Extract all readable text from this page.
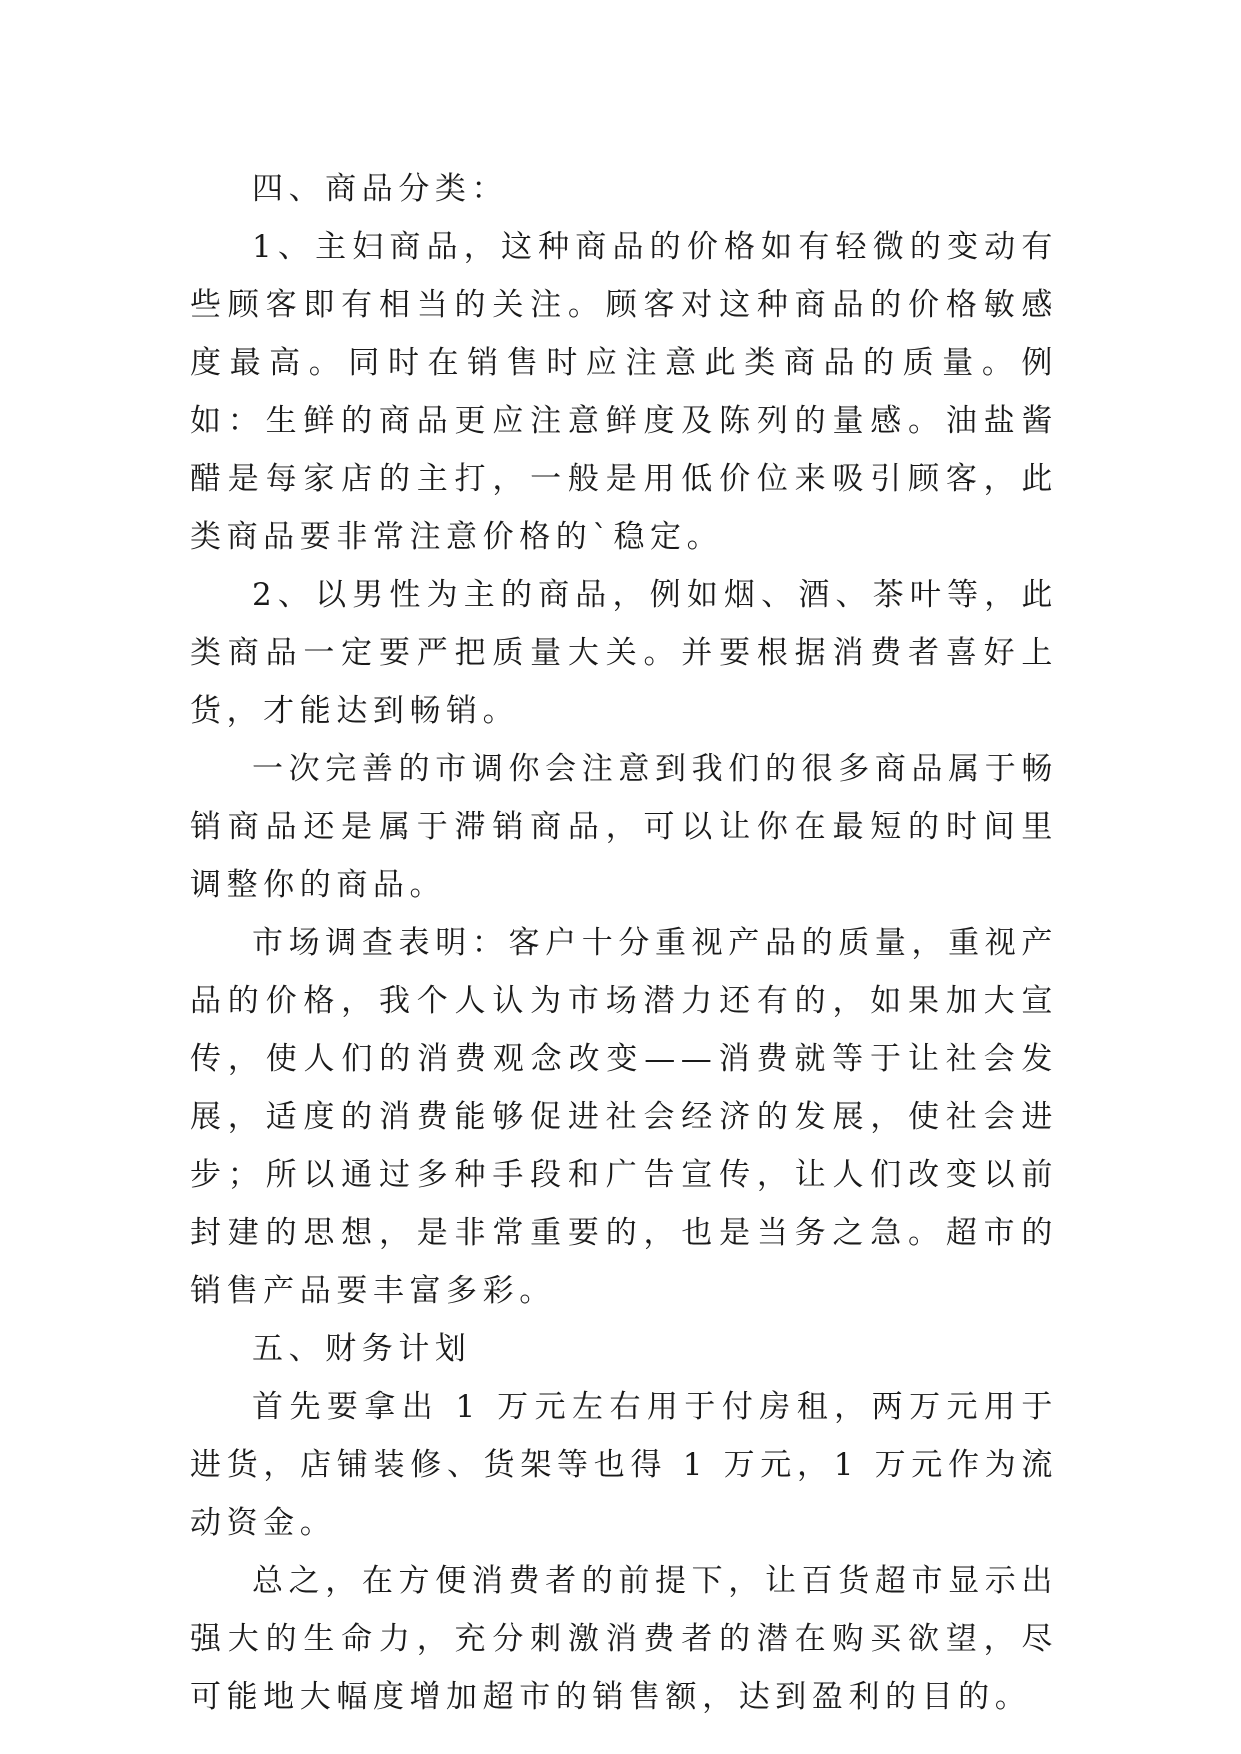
四、商品分类：

1、主妇商品，这种商品的价格如有轻微的变动有些顾客即有相当的关注。顾客对这种商品的价格敏感度最高。同时在销售时应注意此类商品的质量。例如：生鲜的商品更应注意鲜度及陈列的量感。油盐酱醋是每家店的主打，一般是用低价位来吸引顾客，此类商品要非常注意价格的`稳定。

2、以男性为主的商品，例如烟、酒、茶叶等，此类商品一定要严把质量大关。并要根据消费者喜好上货，才能达到畅销。

一次完善的市调你会注意到我们的很多商品属于畅销商品还是属于滞销商品，可以让你在最短的时间里调整你的商品。

市场调查表明：客户十分重视产品的质量，重视产品的价格，我个人认为市场潜力还有的，如果加大宣传，使人们的消费观念改变——消费就等于让社会发展，适度的消费能够促进社会经济的发展，使社会进步；所以通过多种手段和广告宣传，让人们改变以前封建的思想，是非常重要的，也是当务之急。超市的销售产品要丰富多彩。

五、财务计划

首先要拿出 1 万元左右用于付房租，两万元用于进货，店铺装修、货架等也得 1 万元，1 万元作为流动资金。

总之，在方便消费者的前提下，让百货超市显示出强大的生命力，充分刺激消费者的潜在购买欲望，尽可能地大幅度增加超市的销售额，达到盈利的目的。
